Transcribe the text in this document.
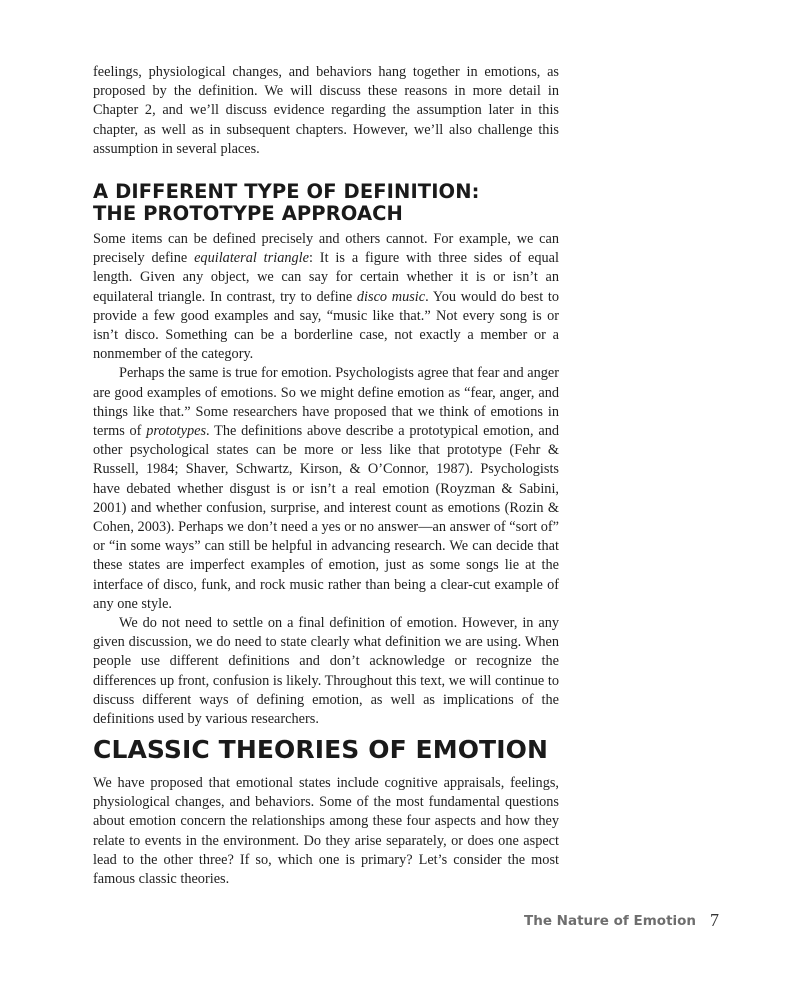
feelings, physiological changes, and behaviors hang together in emotions, as proposed by the definition. We will discuss these reasons in more detail in Chapter 2, and we’ll discuss evidence regarding the assumption later in this chapter, as well as in subsequent chapters. However, we’ll also challenge this assumption in several places.

A DIFFERENT TYPE OF DEFINITION:
THE PROTOTYPE APPROACH

Some items can be defined precisely and others cannot. For example, we can precisely define equilateral triangle: It is a figure with three sides of equal length. Given any object, we can say for certain whether it is or isn’t an equilateral triangle. In contrast, try to define disco music. You would do best to provide a few good examples and say, “music like that.” Not every song is or isn’t disco. Something can be a borderline case, not exactly a member or a nonmember of the category.

Perhaps the same is true for emotion. Psychologists agree that fear and anger are good examples of emotions. So we might define emotion as “fear, anger, and things like that.” Some researchers have proposed that we think of emotions in terms of prototypes. The definitions above describe a prototypical emotion, and other psychological states can be more or less like that prototype (Fehr & Russell, 1984; Shaver, Schwartz, Kirson, & O’Connor, 1987). Psychologists have debated whether disgust is or isn’t a real emotion (Royzman & Sabini, 2001) and whether confusion, surprise, and interest count as emotions (Rozin & Cohen, 2003). Perhaps we don’t need a yes or no answer—an answer of “sort of” or “in some ways” can still be helpful in advancing research. We can decide that these states are imperfect examples of emotion, just as some songs lie at the interface of disco, funk, and rock music rather than being a clear-cut example of any one style.

We do not need to settle on a final definition of emotion. However, in any given discussion, we do need to state clearly what definition we are using. When people use different definitions and don’t acknowledge or recognize the differences up front, confusion is likely. Throughout this text, we will continue to discuss different ways of defining emotion, as well as implications of the definitions used by various researchers.

CLASSIC THEORIES OF EMOTION

We have proposed that emotional states include cognitive appraisals, feelings, physiological changes, and behaviors. Some of the most fundamental questions about emotion concern the relationships among these four aspects and how they relate to events in the environment. Do they arise separately, or does one aspect lead to the other three? If so, which one is primary? Let’s consider the most famous classic theories.

The Nature of Emotion 7
